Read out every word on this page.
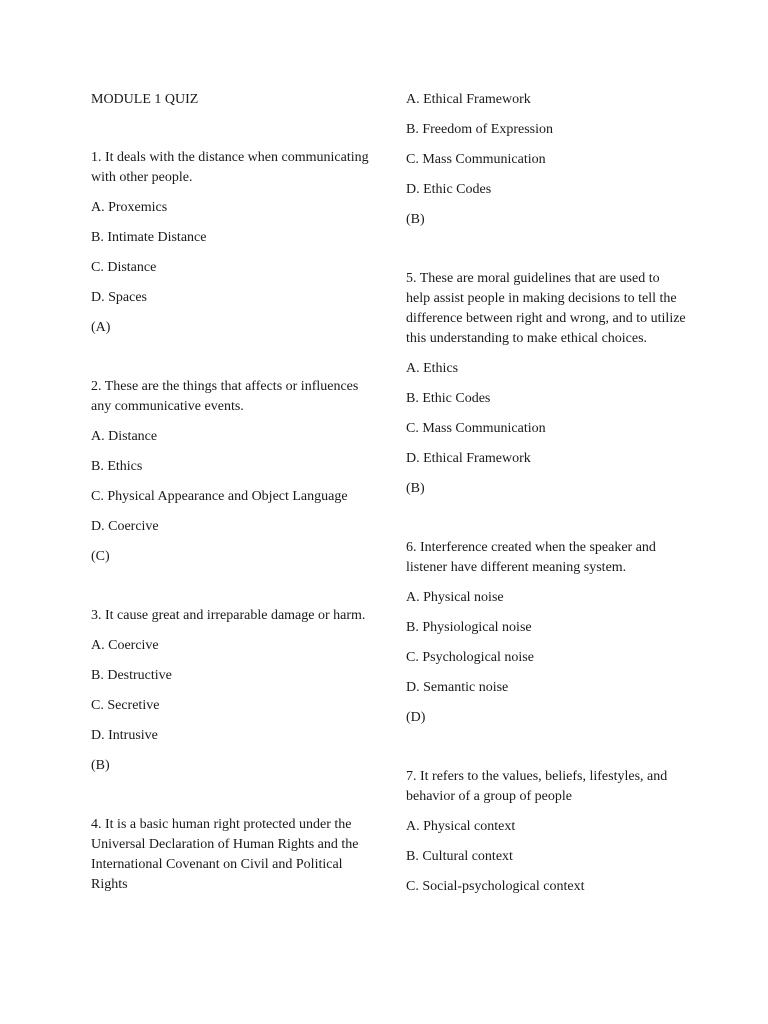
MODULE 1 QUIZ
1. It deals with the distance when communicating with other people.
A. Proxemics
B. Intimate Distance
C. Distance
D. Spaces
(A)
2. These are the things that affects or influences any communicative events.
A. Distance
B. Ethics
C. Physical Appearance and Object Language
D. Coercive
(C)
3. It cause great and irreparable damage or harm.
A. Coercive
B. Destructive
C. Secretive
D. Intrusive
(B)
4. It is a basic human right protected under the Universal Declaration of Human Rights and the International Covenant on Civil and Political Rights
A. Ethical Framework
B. Freedom of Expression
C. Mass Communication
D. Ethic Codes
(B)
5. These are moral guidelines that are used to help assist people in making decisions to tell the difference between right and wrong, and to utilize this understanding to make ethical choices.
A. Ethics
B. Ethic Codes
C. Mass Communication
D. Ethical Framework
(B)
6. Interference created when the speaker and listener have different meaning system.
A. Physical noise
B. Physiological noise
C. Psychological noise
D. Semantic noise
(D)
7. It refers to the values, beliefs, lifestyles, and behavior of a group of people
A. Physical context
B. Cultural context
C. Social-psychological context
